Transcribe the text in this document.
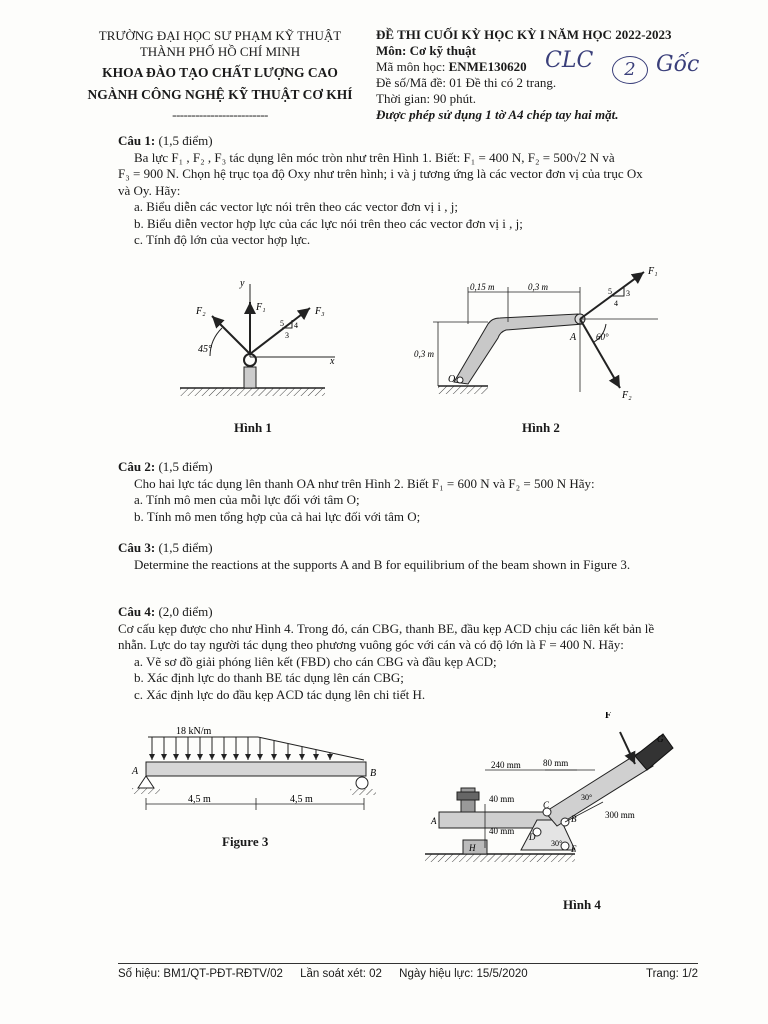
TRƯỜNG ĐẠI HỌC SƯ PHẠM KỸ THUẬT
THÀNH PHỐ HỒ CHÍ MINH
KHOA ĐÀO TẠO CHẤT LƯỢNG CAO
NGÀNH CÔNG NGHỆ KỸ THUẬT CƠ KHÍ
-------------------------
ĐỀ THI CUỐI KỲ HỌC KỲ I NĂM HỌC 2022-2023
Môn: Cơ kỹ thuật
Mã môn học: ENME130620
Đề số/Mã đề: 01 Đề thi có 2 trang.
Thời gian: 90 phút.
Được phép sử dụng 1 tờ A4 chép tay hai mặt.
CLC	2 Gốc
Câu 1: (1,5 điểm)
Ba lực F₁ , F₂ , F₃ tác dụng lên móc tròn như trên Hình 1. Biết: F₁ = 400 N, F₂ = 500√2 N và
F₃ = 900 N. Chọn hệ trục tọa độ Oxy như trên hình; i và j tương ứng là các vector đơn vị của trục Ox
và Oy. Hãy:
a. Biểu diễn các vector lực nói trên theo các vector đơn vị i , j;
b. Biểu diễn vector hợp lực của các lực nói trên theo các vector đơn vị i , j;
c. Tính độ lớn của vector hợp lực.
y
x
F₁
F₂	F₃
45°
5 4
3
Hình 1
0,15 m	0,3 m
0,3 m
F₁
F₂
A
O
60°
5 3
4
Hình 2
Câu 2: (1,5 điểm)
Cho hai lực tác dụng lên thanh OA như trên Hình 2. Biết F₁ = 600 N và F₂ = 500 N Hãy:
a. Tính mô men của mỗi lực đối với tâm O;
b. Tính mô men tổng hợp của cả hai lực đối với tâm O;
Câu 3: (1,5 điểm)
Determine the reactions at the supports A and B for equilibrium of the beam shown in Figure 3.
Câu 4: (2,0 điểm)
Cơ cấu kẹp được cho như Hình 4. Trong đó, cán CBG, thanh BE, đầu kẹp ACD chịu các liên kết bản lề
nhẵn. Lực do tay người tác dụng theo phương vuông góc với cán và có độ lớn là F = 400 N. Hãy:
a. Vẽ sơ đồ giải phóng liên kết (FBD) cho cán CBG và đầu kẹp ACD;
b. Xác định lực do thanh BE tác dụng lên cán CBG;
c. Xác định lực do đầu kẹp ACD tác dụng lên chi tiết H.
18 kN/m
A	B
4,5 m	4,5 m
Figure 3
F
G
240 mm 80 mm
40 mm
40 mm
300 mm
30°
30°
C
B
D
E
H
A
Hình 4
Số hiệu: BM1/QT-PĐT-RĐTV/02 Lần soát xét: 02 Ngày hiệu lực: 15/5/2020	Trang: 1/2
